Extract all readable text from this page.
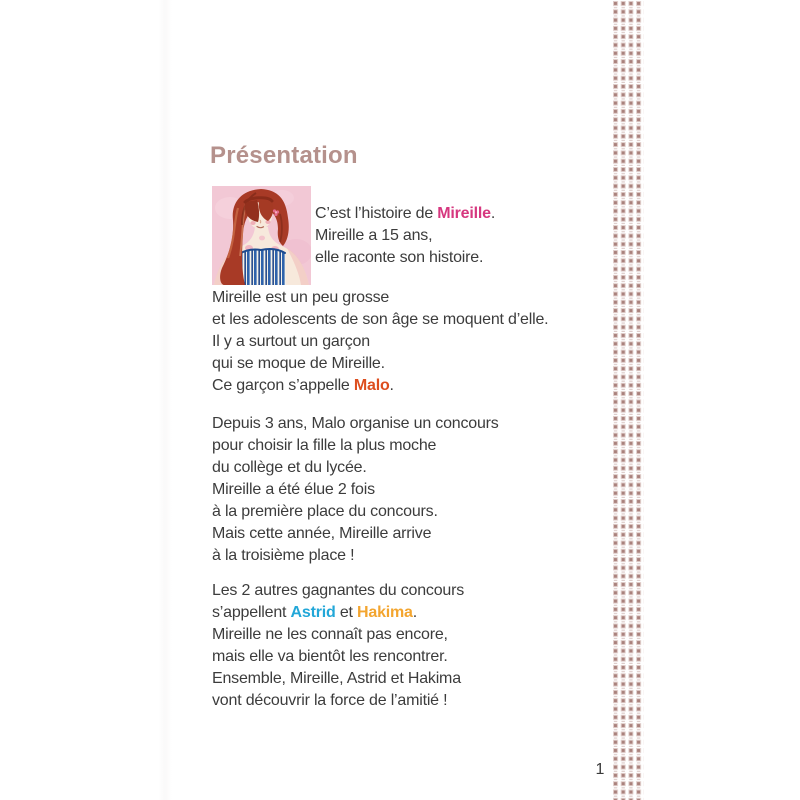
Présentation
C’est l’histoire de Mireille.
Mireille a 15 ans,
elle raconte son histoire.
Mireille est un peu grosse
et les adolescents de son âge se moquent d’elle.
Il y a surtout un garçon
qui se moque de Mireille.
Ce garçon s’appelle Malo.
Depuis 3 ans, Malo organise un concours
pour choisir la fille la plus moche
du collège et du lycée.
Mireille a été élue 2 fois
à la première place du concours.
Mais cette année, Mireille arrive
à la troisième place !
Les 2 autres gagnantes du concours
s’appellent Astrid et Hakima.
Mireille ne les connaît pas encore,
mais elle va bientôt les rencontrer.
Ensemble, Mireille, Astrid et Hakima
vont découvrir la force de l’amitié !
1
